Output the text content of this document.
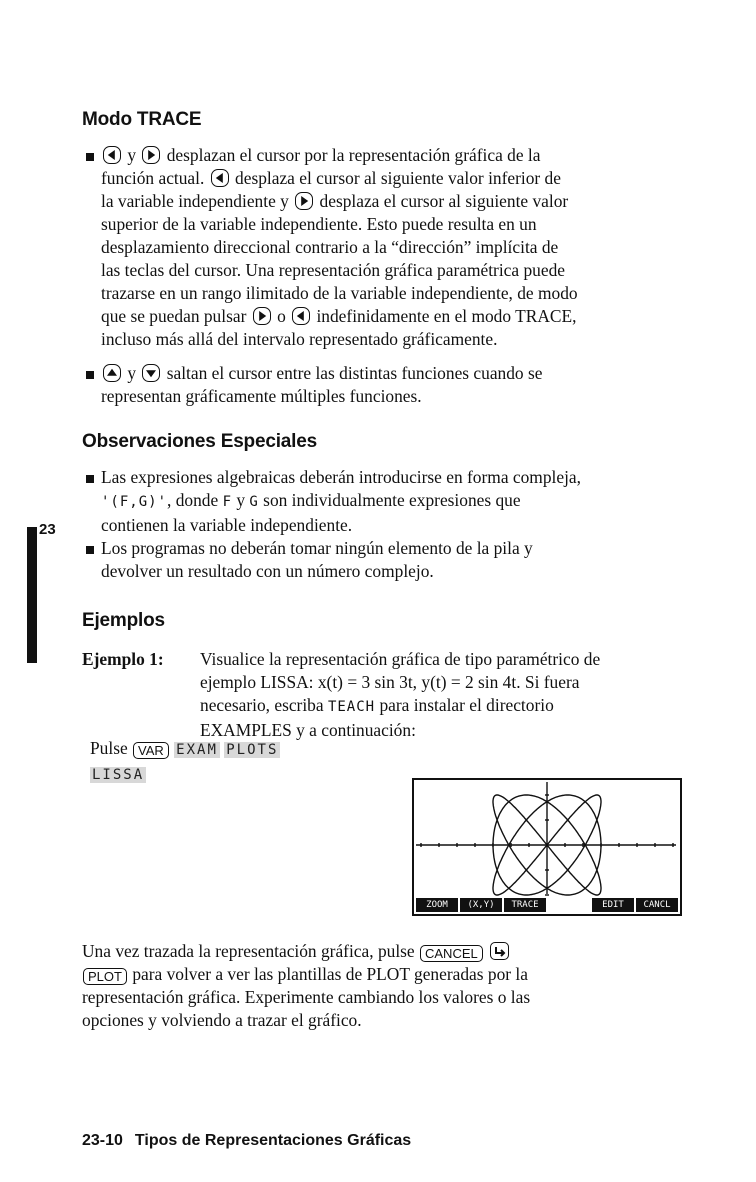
Modo TRACE
y  desplazan el cursor por la representación gráfica de la
función actual.  desplaza el cursor al siguiente valor inferior de
la variable independiente y  desplaza el cursor al siguiente valor
superior de la variable independiente. Esto puede resulta en un
desplazamiento direccional contrario a la “dirección” implícita de
las teclas del cursor. Una representación gráfica paramétrica puede
trazarse en un rango ilimitado de la variable independiente, de modo
que se puedan pulsar  o  indefinidamente en el modo TRACE,
incluso más allá del intervalo representado gráficamente.
y  saltan el cursor entre las distintas funciones cuando se
representan gráficamente múltiples funciones.
Observaciones Especiales
Las expresiones algebraicas deberán introducirse en forma compleja,
'(F,G)', donde F y G son individualmente expresiones que
contienen la variable independiente.
Los programas no deberán tomar ningún elemento de la pila y
devolver un resultado con un número complejo.
23
Ejemplos
Ejemplo 1: Visualice la representación gráfica de tipo paramétrico de
ejemplo LISSA: x(t) = 3 sin 3t, y(t) = 2 sin 4t. Si fuera
necesario, escriba TEACH para instalar el directorio
EXAMPLES y a continuación:
Pulse VAR EXAM PLOTS
LISSA
ZOOM	(X,Y)	TRACE	EDIT	CANCL
Una vez trazada la representación gráfica, pulse CANCEL
PLOT para volver a ver las plantillas de PLOT generadas por la
representación gráfica. Experimente cambiando los valores o las
opciones y volviendo a trazar el gráfico.
23-10 Tipos de Representaciones Gráficas
